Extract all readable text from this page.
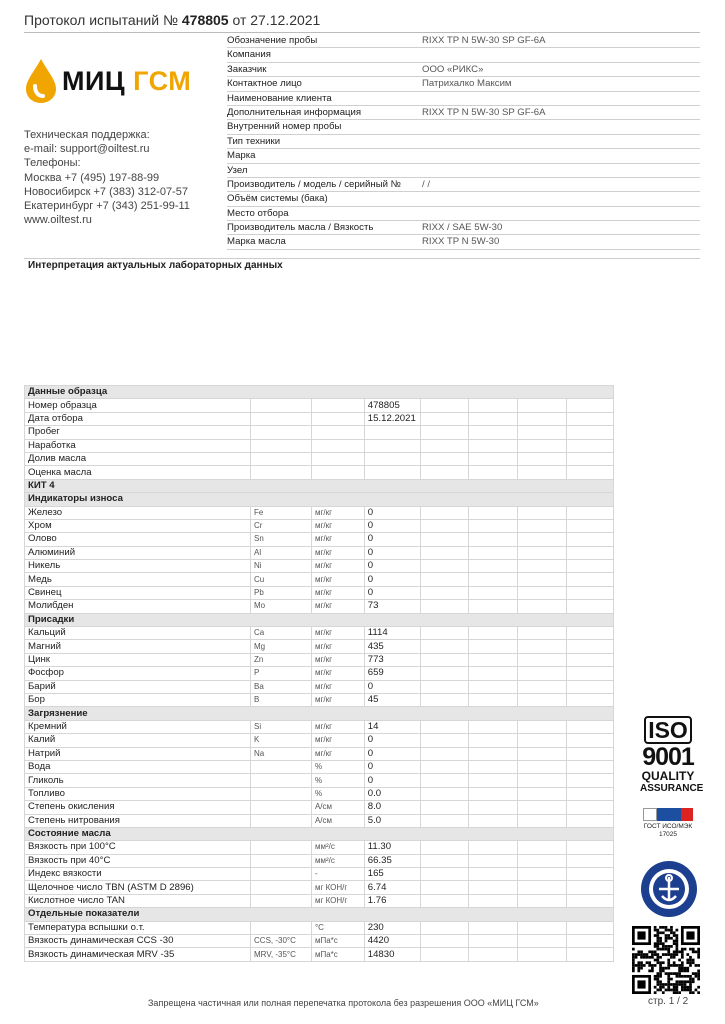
Протокол испытаний № 478805 от 27.12.2021
МИЦ ГСМ
Техническая поддержка:
e-mail: support@oiltest.ru
Телефоны:
Москва +7 (495) 197-88-99
Новосибирск +7 (383) 312-07-57
Екатеринбург +7 (343) 251-99-11
www.oiltest.ru
Обозначение пробы	RIXX TP N 5W-30 SP GF-6A
Компания
Заказчик	ООО «РИКС»
Контактное лицо	Патрихалко Максим
Наименование клиента
Дополнительная информация	RIXX TP N 5W-30 SP GF-6A
Внутренний номер пробы
Тип техники
Марка
Узел
Производитель / модель / серийный №	/ /
Объём системы (бака)
Место отбора
Производитель масла / Вязкость	RIXX / SAE 5W-30
Марка масла	RIXX TP N 5W-30
Интерпретация актуальных лабораторных данных
Данные образца							
Номер образца			478805				
Дата отбора			15.12.2021				
Пробег							
Наработка							
Долив масла							
Оценка масла							
КИТ 4							
Индикаторы износа							
Железо	Fe	мг/кг	0				
Хром	Cr	мг/кг	0				
Олово	Sn	мг/кг	0				
Алюминий	Al	мг/кг	0				
Никель	Ni	мг/кг	0				
Медь	Cu	мг/кг	0				
Свинец	Pb	мг/кг	0				
Молибден	Mo	мг/кг	73				
Присадки							
Кальций	Ca	мг/кг	1114				
Магний	Mg	мг/кг	435				
Цинк	Zn	мг/кг	773				
Фосфор	P	мг/кг	659				
Барий	Ba	мг/кг	0				
Бор	B	мг/кг	45				
Загрязнение							
Кремний	Si	мг/кг	14				
Калий	K	мг/кг	0				
Натрий	Na	мг/кг	0				
Вода		%	0				
Гликоль		%	0				
Топливо		%	0.0				
Степень окисления		A/см	8.0				
Степень нитрования		A/см	5.0				
Состояние масла							
Вязкость при 100°C		мм²/с	11.30				
Вязкость при 40°C		мм²/с	66.35				
Индекс вязкости		-	165				
Щелочное число TBN (ASTM D 2896)		мг КОН/г	6.74				
Кислотное число TAN		мг КОН/г	1.76				
Отдельные показатели							
Температура вспышки о.т.		°C	230				
Вязкость динамическая CCS -30	CCS, -30°C	мПа*с	4420				
Вязкость динамическая MRV -35	MRV, -35°C	мПа*с	14830				
ISO
9001
QUALITY
ASSURANCE
ГОСТ ИСО/МЭК
17025
Запрещена частичная или полная перепечатка протокола без разрешения ООО «МИЦ ГСМ»	стр. 1 / 2
